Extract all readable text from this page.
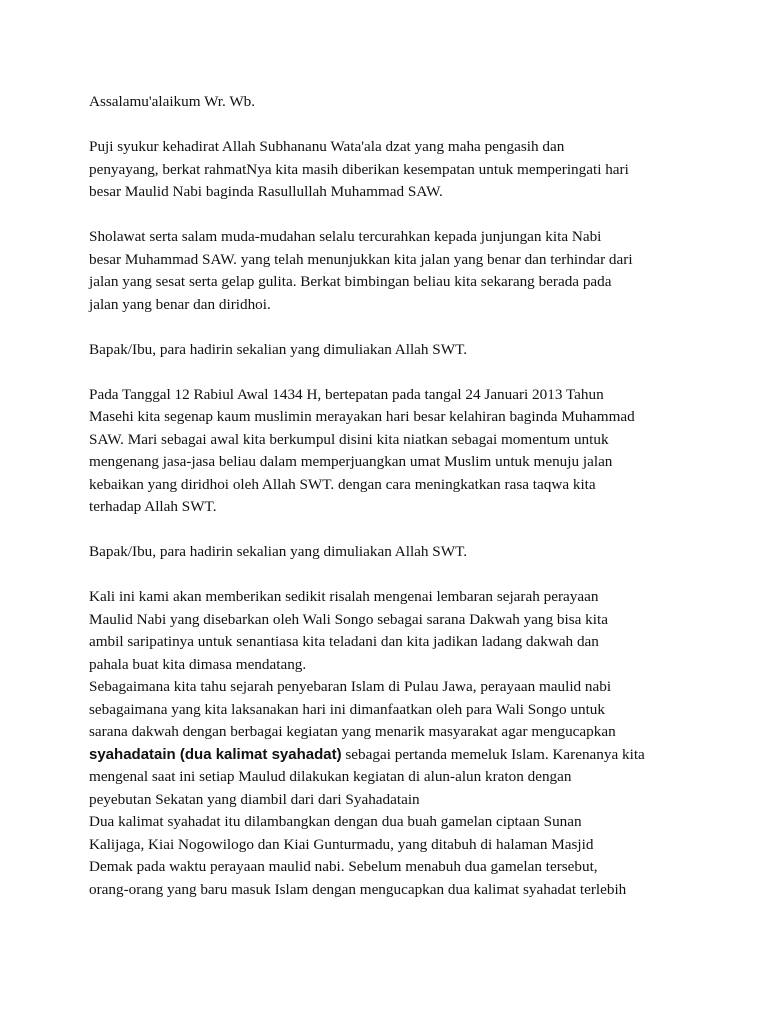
Assalamu'alaikum Wr. Wb.

Puji syukur kehadirat Allah Subhananu Wata'ala dzat yang maha pengasih dan
penyayang, berkat rahmatNya kita masih diberikan kesempatan untuk memperingati hari
besar Maulid Nabi baginda Rasullullah Muhammad SAW.

Sholawat serta salam muda-mudahan selalu tercurahkan kepada junjungan kita Nabi
besar Muhammad SAW. yang telah menunjukkan kita jalan yang benar dan terhindar dari
jalan yang sesat serta gelap gulita. Berkat bimbingan beliau kita sekarang berada pada
jalan yang benar dan diridhoi.

Bapak/Ibu, para hadirin sekalian yang dimuliakan Allah SWT.

Pada Tanggal 12 Rabiul Awal 1434 H, bertepatan pada tangal 24 Januari 2013 Tahun
Masehi kita segenap kaum muslimin merayakan hari besar kelahiran baginda Muhammad
SAW. Mari sebagai awal kita berkumpul disini kita niatkan sebagai momentum untuk
mengenang jasa-jasa beliau dalam memperjuangkan umat Muslim untuk menuju jalan
kebaikan yang diridhoi oleh Allah SWT. dengan cara meningkatkan rasa taqwa kita
terhadap Allah SWT.

Bapak/Ibu, para hadirin sekalian yang dimuliakan Allah SWT.

Kali ini kami akan memberikan sedikit risalah mengenai lembaran sejarah perayaan
Maulid Nabi yang disebarkan oleh Wali Songo sebagai sarana Dakwah yang bisa kita
ambil saripatinya untuk senantiasa kita teladani dan kita jadikan ladang dakwah dan
pahala buat kita dimasa mendatang.

Sebagaimana kita tahu sejarah penyebaran Islam di Pulau Jawa, perayaan maulid nabi
sebagaimana yang kita laksanakan hari ini dimanfaatkan oleh para Wali Songo untuk
sarana dakwah dengan berbagai kegiatan yang menarik masyarakat agar mengucapkan
syahadatain (dua kalimat syahadat) sebagai pertanda memeluk Islam. Karenanya kita
mengenal saat ini setiap Maulud dilakukan kegiatan di alun-alun kraton dengan
peyebutan Sekatan yang diambil dari dari Syahadatain

Dua kalimat syahadat itu dilambangkan dengan dua buah gamelan ciptaan Sunan
Kalijaga, Kiai Nogowilogo dan Kiai Gunturmadu, yang ditabuh di halaman Masjid
Demak pada waktu perayaan maulid nabi. Sebelum menabuh dua gamelan tersebut,
orang-orang yang baru masuk Islam dengan mengucapkan dua kalimat syahadat terlebih
